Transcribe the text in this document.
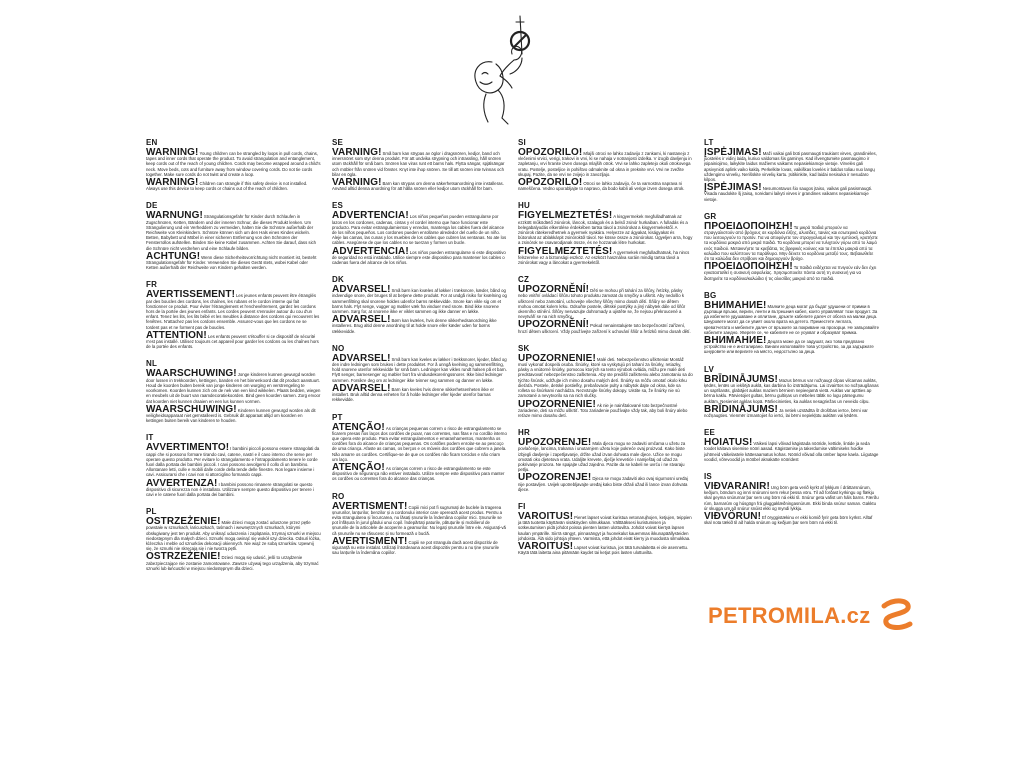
EN

WARNING!Young children can be strangled by loops in pull cords, chains, tapes and inner cords that operate the product. To avoid strangulation and entanglement, keep cords out of the reach of young children. Cords may become wrapped around a child's neck. Move beds, cots and furniture away from window covering cords. Do not tie cords together. Make sure cords do not twist and create a loop.

WARNING!Children can strangle if this safety device is not installed. Always use this device to keep cords or chains out of the reach of children.

DE

WARNUNG!Strangulationsgefahr für Kinder durch Schlaufen in Zugschnüren, Ketten, Bändern und der inneren Schnur, die dieses Produkt lenken. Um Strangulierung und ein Verheddern zu vermeiden, halten Sie die Schnüre außerhalb der Reichweite von Kleinkindern. Schnüre können sich um den Hals eines Kindes wickeln. Betten, Babybett und Möbel in einer sicheren Entfernung von den Schnüren der Fensterrollos aufstellen. Binden Sie keine Kabel zusammen. Achten Sie darauf, dass sich die Schnüre nicht verdrehen und eine Schlaufe bilden.

ACHTUNG!Wenn diese Sicherheitsvorrichtung nicht montiert ist, besteht Strangulationsgefahr für Kinder. Verwenden Sie dieses Gerät stets, wobei Kabel oder Ketten außerhalb der Reichweite von Kindern gehalten werden.

FR

AVERTISSEMENT!Les jeunes enfants peuvent être étranglés par des boucles des cordons, les chaînes, les rubans et le cordon interne qui fait fonctionner ce produit. Pour éviter l'étranglement et l'enchevêtrement, gardez les cordons hors de la portée des jeunes enfants. Les cordes peuvent s'enrouler autour du cou d'un enfant. Tenez les lits, les lits bébé et les meubles à distance des cordons qui recouvrent les fenêtres. N'attachez pas les cordons ensemble. Assurez-vous que les cordons ne se tordent pas et ne forment pas de boucles.

ATTENTION!Les enfants peuvent s'étouffer si ce dispositif de sécurité n'est pas installé. Utilisez toujours cet appareil pour garder les cordons ou les chaînes hors de la portée des enfants.

NL

WAARSCHUWING!Jonge kinderen kunnen gewurgd worden door lussen in trekkoorden, kettingen, banden en het binnenkoord dat dit product aanstuurt. Houd de koorden buiten bereik van jonge kinderen om wurging en verstrengeling te voorkomen. Koorden kunnen zich om de nek van een kind wikkelen. Plaats bedden, wiegen en meubels uit de buurt van raamdecoratiekoorden. Bind geen koorden samen. Zorg ervoor dat koorden niet kunnen draaien en een lus kunnen vormen.

WAARSCHUWING!Kinderen kunnen gewurgd worden als dit veiligheidsapparaat niet geïnstalleerd is. Gebruik dit apparaat altijd om koorden en kettingen buiten bereik van kinderen te houden.

IT

AVVERTIMENTO!I bambini piccoli possono essere strangolati da cappi che si possono formare tirando cavi, catene, nastri e il cavo interno che serve per operare questo prodotto. Per evitare lo strangolamento e l'intrappolamento tenere le corde fuori dalla portata dei bambini piccoli. I cavi possono avvolgersi il collo di un bambino. Allontanare letti, culle e mobili dalle corde della tende delle finestre. Non legare insieme i cavi. Assicurarsi che i cavi non si attorciglino formando cappi.

AVVERTENZA!I bambini possono rimanere strangolati se questo dispositivo di sicurezza non è installato. Utilizzare sempre questo dispositivo per tenere i cavi e le catene fuori dalla portata dei bambini.

PL

OSTRZEŻENIE!Małe dzieci mogą zostać uduszone przez pętle powstałe w sznurkach, łańcuszkach, taśmach i wewnętrznych sznurkach, którymi obsługiwany jest ten produkt. Aby uniknąć uduszenia i zaplątania, trzymaj sznurki w miejscu niedostępnym dla małych dzieci. Sznurki mogą owinąć się wokół szyi dziecka. Odsuń łóżka, łóżeczka i meble od sznurków dekoracji okiennych. Nie wiąż ze sobą sznurków. Upewnij się, że sznurki nie skręcają się i nie tworzą pętli.

OSTRZEŻENIE!Dzieci mogą się udusić, jeśli to urządzenie zabezpieczające nie zostanie zamontowane. Zawsze używaj tego urządzenia, aby trzymać sznurki lub łańcuszki w miejscu niedostępnym dla dzieci.

SE

VARNING!Små barn kan strypas av öglor i dragsnören, kedjor, band och innersnöret som styr denna produkt. För att undvika strypning och intrassling, håll snören utom räckhåll för små barn. Snören kan viras runt ett barns hals. Flytta sängar, spjälsängar och möbler från snören vid fönster. Knyt inte ihop snören. Se till att snören inte tvinnas och bilar en ögla.

VARNING!Barn kan strypas om denna säkerhetsanordning inte installeras. Använd alltid denna anordning för att hålla snören eller kedjor utom räckhåll för barn.

ES

ADVERTENCIA!Los niños pequeños pueden estrangularse por lazos en los cordones, cadenas, cintas y el cordel interno que hace funcionar este producto. Para evitar estrangulamientos y enredos, mantenga los cables fuera del alcance de los niños pequeños. Los cordones pueden enrollarse alrededor del cuello de un niño. Aleje las camas, las cunas y los muebles de los cables que cubren las ventanas. No ate los cables. Asegúrese de que los cables no se tuerzan y formen un bucle.

ADVERTENCIA!Los niños pueden estrangularse si este dispositivo de seguridad no está instalado. Utilice siempre este dispositivo para mantener los cables o cadenas fuera del alcance de los niños.

DK

ADVARSEL!Små børn kan kvæles af løkker i træksnore, kæder, bånd og indvendige snore, der bruges til at betjene dette produkt. For at undgå risiko for kvælning og sammenfiltring skal snorene holdes udenfor børns rækkevidde. Snore kan vikle sig om et barns hals. Flyt senge, vugger og møbler væk fra vinduer med snore. Bind ikke snorene sammen. Sørg for, at snorene ikke er viklet sammen og ikke danner en løkke.

ADVARSEL!Børn kan kvæles, hvis denne sikkerhedsanordning ikke installeres. Brug altid denne anordning til at holde snore eller kæder uden for børns rækkevidde.

NO

ADVARSEL!Små barn kan kveles av løkker i trekksnorer, kjeder, bånd og den indre ledningen som brukes i dette produktet. For å unngå kvelning og sammenfiltring, hold snorene utenfor rekkevidde for små barn. Ledninger kan vikles rundt halsen på et barn. Flytt senger, barnesenger og møbler bort fra vindusdekoreringssnorer. Ikke bind ledninger sammen. Forsikre deg om at ledninger ikke tvinner seg sammen og danner en løkke.

ADVARSEL!Barn kan kveles hvis denne sikkerhetsenheten ikke er installert. Bruk alltid denna enheten for å holde ledninger eller kjeder utenfor barnas rekkevidde.

PT

ATENÇÃO!As crianças pequenas correm o risco de estrangulamento se ficarem presas nos laços dos cordões de puxar, nas correntes, nas fitas e no cordão interno que opera este produto. Para evitar estrangulamentos e emaranhamentos, mantenha os cordões fora do alcance de crianças pequenas. Os cordões podem enrolar-se ao pescoço de uma criança. Afaste as camas, os berços e os móveis dos cordões que cobrem a janela. Não amarre os cordões. Certifique-se de que os cordões não ficam torcidos e não criam um laço.

ATENÇÃO!As crianças correm o risco de estrangulamento se este dispositivo de segurança não estiver instalado. Utilize sempre este dispositivo para manter os cordões ou correntes fora do alcance das crianças.

RO

AVERTISMENT!Copiii mici pot fi sugrumați de buclele la tragerea șnururilor, lanțurilor, benzilor și a cordonului interior care operează acest produs. Pentru a evita strangularea și încurcarea, nu lăsați șnururile la îndemâna copiilor mici. Șnururile se pot înfășura în jurul gâtului unui copil. Îndepărtați paturile, pătuțurile și mobilierul de șnururile de la articolele de acoperire a geamurilor. Nu legați șnururile între ele. Asigurați-vă că șnururile nu se răsucesc și nu formează o buclă.

AVERTISMENT!Copiii se pot strangula dacă acest dispozitiv de siguranță nu este instalat. Utilizați întotdeauna acest dispozitiv pentru a nu ține șnururile sau lanțurile la îndemâna copiilor.

SI

OPOZORILO!Mlajši otroci se lahko zadavijo z zankami, ki nastanejo z vlečenimi vrvici, verigi, trakovi in vrvi, ki se nahaja v notranjosti izdelka. V izogib davljenju in zapletanju, vrvi hranite izven dosega mlajših otrok. Vrvi se lahko zapletejo okoli otrokovega vratu. Postelje, posteljice in pohištvo odmaknite od okna in preknite vrvi. Vrvi ne zvežite skupaj. Pazite, da se vrvi ne zvijejo in zavozljajo.

OPOZORILO!Otroci se lahko zadavijo, če ta varnostna naprava ni nameščena. Vedno uporabljajte to napravo, da bodo kabli ali verige izven dosega otrok.

HU

FIGYELMEZTETÉS!A kisgyermekek megfulladhatnak az ezzkött működtető zsinórok, láncok, szalagok és a belső zsinór hurkaiban. A fulladás és a belegabalyodás elkerülése érdekében tartsa távol a zsinórokat a kisgyermekektől. A zsinórok rátekeredhetnek a gyermek nyakára. Helyezze az ágyakat, kiságyakat és bútorokat az ablakkárpit zsinóroktól távol. Ne kösse össze a zsinórokat. Ügyeljen arra, hogy a zsinórok ne csavarodjanak össze, és ne hozzanak létre hurkokat.

FIGYELMEZTETÉS!A gyermekek megfulladhatnak, ha nincs felszerelve ez a biztonsági eszköz. Az eszközt használva soráin mindig tartsa távol a zsinórokat vagy a láncokat a gyermekektől.

CZ

UPOZORNĚNÍ!Děti se mohou při tahání za šňůry, řetízky, pásky nebo vnitřní ovládací šňůru tohoto produktu zamotat do smyčky a uškrtit. Aby nedošlo k uškrcení nebo zamotání, uchovejte všechny šňůry mimo dosah dětí. Šňůry se dětem mohou omotat kolem krku. Odsuňte postele, dětské postýlky a jiný nábytek dále od šňůr okenního stínění. Šňůry nesvazujte dohromady a ujistěte se, že nejsou překroucené a nevytváří se na nich smyčky.

UPOZORNĚNÍ!Pokud nenainstalujete toto bezpečnostní zařízení, hrozí dětem uškrcení. Vždy používejte zařízení k uchování šňůr a řetízků mimo dosah dětí.

SK

UPOZORNENIE!Malé deti. Nebezpečenstvo uškrtenia! Montáž musí vykonať dospelá osoba. Šnúrky, ktoré sa vyskytujú pri tahaní za šnúrky, retiazky, pásky a vnútorné šnúrky, pomocou ktorých sa tento výrobok ovláda, môžu pre malé deti predstavovať nebezpečenstvo zaškrtenia. Aby ste predišli zaškrteniu alebo zamotaniu sa do týchto šnúrok, udržujte ich mimo dosahu malých detí. Šnúrky sa môžu omotať okolo krku dieťaťa. Postele, detské postieľky, prebaľovacie pulty a nábytok dajte od okna, kde sa rolleta so šnúrkami nachádza. Nezväzujte šnúrky dokopy. Uistite sa, že šnúrky nie sú zamotané a nevytvorilo sa na nich slučky.

UPOZORNENIE!Ak nie je nainštalované toto bezpečnostné zariadenie, deti sa môžu uškrtiť. Toto zariadenie používajte vždy tak, aby boli šnúry alebo reťaze mimo dosahu detí.

HR

UPOZORENJE!Mala djeca mogu se zadaviti omčama u užetu za povlačenje, lancima, trakama i unutarnjem užetu koje pokreće ovaj proizvod. Kako biste izbjegli davljenje i zapetljavanje, držite užad izvan dohvata male djece. Užice se mogu omotati oko djetetova vrata. Udaljite krevete, dječje krevetiće i namještaj od užad za pokrivanje prozora. Ne spajajte užad zajedno. Pazite da se kabeli ne uvrću i ne stvaraju petlju.

UPOZORENJE!Djeca se mogu zadaviti ako ovaj sigurnosni uređaj nije postavljen. Uvijek upotrebljavajte uređaj kako biste držali užad ili lance izvan dohvata djece.

FI

VAROITUS!Pienet lapset voivat kuristua vetonarujhojen, ketjujen, teippien ja tätä tuotetta käyttävän sisäköyden silmukkaan. Välttääksesi kuristumisen ja sotkeutumisen pidä johdot poissa pienten lasten ulottuvilta. Johdot voivat kiertyä lapsen kaulan ympärille. Siirrä sängyt, pinnasängyt ja huonekalut kauemmas ikkunapäällysteiden johdoista. Älä sido johtoja yhteen. Varmista, että johdot eivät kierry ja muodosta silmukkaa.

VAROITUS!Lapset voivat kuristua, jos tätä turvalaitetta ei ole asennettu. Käytä tätä laitetta aina pitämään kaydet tai ketjut pois lasten ulottuvilta.

LT

ĮSPĖJIMAS!Maži vaikai gali būti pasmaugti traukiant virves, grandinėles, juostelės ir vidinį laidą, kuriuo valdomas šis gaminys. Kad išvengtumėte pasmaugimo ir įsipainiojimo, laikykite laidus mažiems vaikams nepasiekiamoje vietoje. Virvelės gali apsivynioti aplink vaiko kaklą. Perkelkite lovas, vaikiškas lovelės ir baldus toliau nuo langų uždengimo virvelių. Nerišskite virvelių kartu. Įsitikinkite, kad laidai nesisuka ir nesudaro kilpos.

ĮSPĖJIMAS!Nesumontavus šio saugos įtaiso, vaikas gali pasismaugti. Visada naudokite šį įtaisą, norėdami laikyti virves ir grandines vaikams nepasiekiamoje vietoje.

GR

ΠΡΟΕΙΔΟΠΟΙΗΣΗ!Τα μικρά παιδιά μπορούν να στραγγαλιστούν από βρόχους σε κορδόνια έλξης, αλυσίδες, ταινίες και εσωτερικά κορδόνια που λειτουργούν το προϊόν. Για να αποφύγετε τον στραγγαλισμό και την εμπλοκή, κρατήστε τα κορδόνια μακριά από μικρά παιδιά. Τα κορδόνια μπορεί να τυλιχτούν γύρω από το λαιμό ενός παιδιού. Μετακινήστε τα κρεβάτια, τις βρεφικές κούνιες και τα έπιπλα μακριά από τα καλώδια που καλύπτουν τα παράθυρα. Μην δένετε τα κορδόνια μεταξύ τους. Βεβαιωθείτε ότι τα καλώδια δεν στρίβουν και δημιουργούν βρόχο.

ΠΡΟΕΙΔΟΠΟΙΗΣΗ!Τα παιδιά ενδέχεται να πνιγούν εάν δεν έχει εγκατασταθεί η συσκευή ασφαλείας. Χρησιμοποιείτε πάντα αυτή τη συσκευή για να διατηρείτε τα κορδόνια/καλώδια ή τις αλυσίδες μακριά από τα παιδιά.

BG

ВНИМАНИЕ!Малките деца могат да бъдат удушени от примки в дърпащи връзки, вериги, ленти и вътрешния кабел, които управляват този продукт. За да избегнете удушаване и оплитане, дръжте кабелите далеч от обсега на малки деца. Шнуровете могат да се увият около врата на детето. Преместете леглата, креватчетата и мебелите далеч от връзките за покриване на прозорци. Не завързвайте кабелите заедно. Уверете се, че кабелите не се усукват и образуват примка.

ВНИМАНИЕ!Децата може да се задушат, ако това предпазно устройство не е инсталирано. Винаги използвайте това устройство, за да задържате шнуровете или веригите на място, недостъпно за деца.

LV

BRĪDINĀJUMS!Mazus bērnus var nožņaugt cilpas vilcamas auklās, ķēdēs, lentēs un iekšējā auklā, kas darbina šo izstrādājumu. Lai izvairītos no nožņaugšanas un sapīšanās, glabājiet auklas maziem bērniem nepieejamā vietā. Auklas var aptīties ap bērna kaklu. Pārvietojiet gultas, bērnu gultiņas un mēbeles tālāk no logu pārsegumu auklām. Nesieniet auklas kopā. Pārliecinieties, ka auklas nesagriežas un neveido cilpu.

BRĪDINĀJUMS!Ja netiek uzstādīta šī drošības ierīce, bērni var nožņaugties. Vienmēr izmantojiet šo ierīci, lai bērni nepiekļūtu auklām vai ķēdēm.

EE

HOIATUS!Väikesi lapsi võivad kägistada nööride, kettide, lintide ja seda toodet käitava sisemise nööri aasad. Kägistamise ja takerdumise vältimiseks hoidke juhtmeid väikelastele kättesaamatus kohas. Nöörid võivad olla ümber lapse kaela. Liigutage voodid, võrevoodid ja mööbel aknakatte nööridest

IS

VIÐVARANIR!Ung börn geta verið kyrkt af lykkjum í dráttarsnúrum, keðjum, böndum og innri snúrunni sem rekur þessa vöru. Til að forðast kyrkingu og flækju skal geyma snúrurnar þar sem ung börn ná ekki til. Snúrur geta vafist um háls barns. Færðu rúm, barnarúm og húsgögn frá gluggaklæðningasnúrum. Ekki binda snúrur saman. Gakktu úr skugga um að snúrur snúist ekki og myndi lykkju.

VIÐVÖRUN!Ef öryggistækinu er ekki komið fyrir geta börn kyrkst. Alltaf skal nota tækið til að halda snúrum og keðjum þar sem börn ná ekki til.

PETROMILA.cz
